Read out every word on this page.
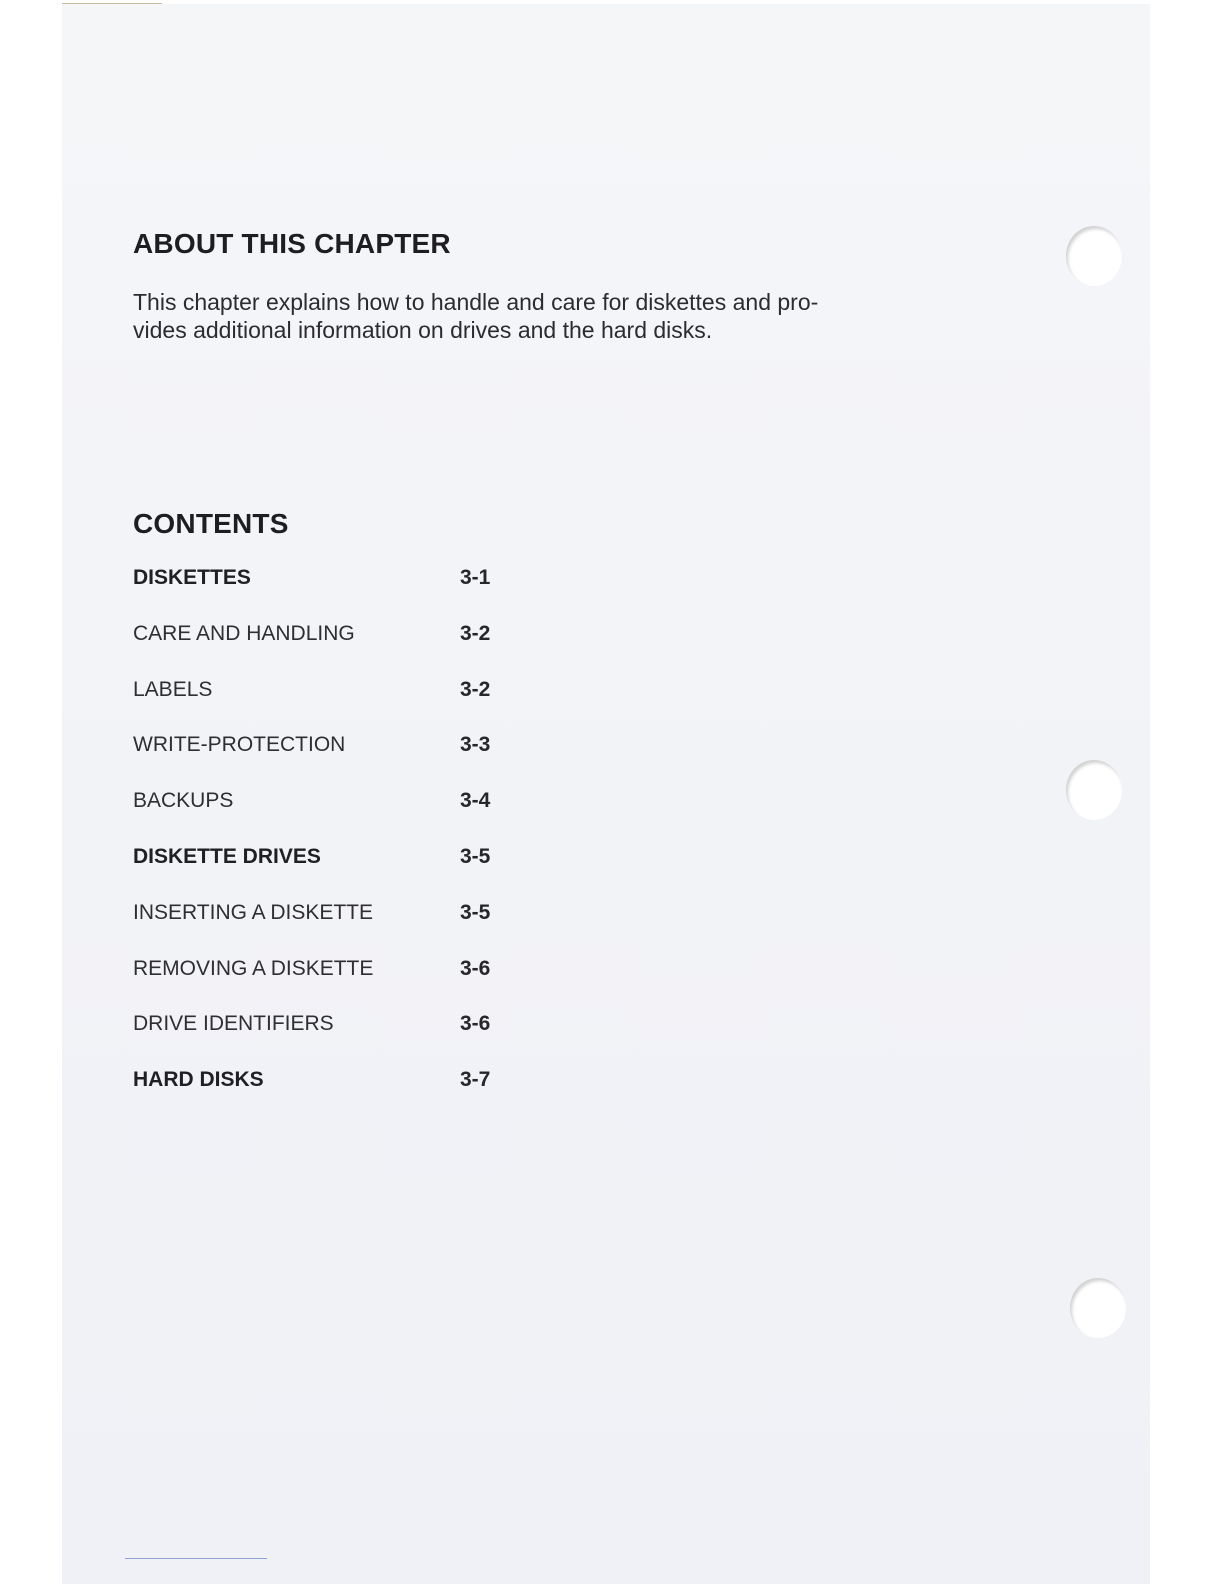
ABOUT THIS CHAPTER

This chapter explains how to handle and care for diskettes and pro-
vides additional information on drives and the hard disks.

CONTENTS
DISKETTES	3-1
CARE AND HANDLING	3-2
LABELS	3-2
WRITE-PROTECTION	3-3
BACKUPS	3-4
DISKETTE DRIVES	3-5
INSERTING A DISKETTE	3-5
REMOVING A DISKETTE	3-6
DRIVE IDENTIFIERS	3-6
HARD DISKS	3-7
